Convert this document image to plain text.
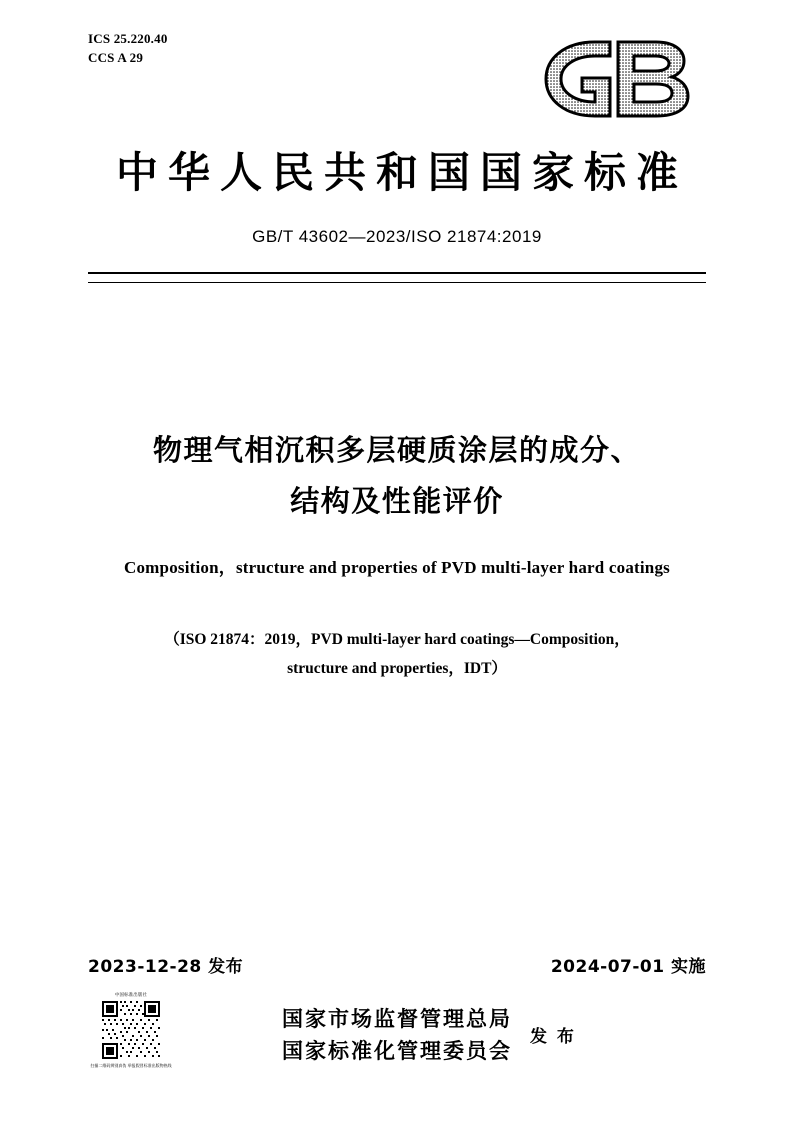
ICS 25.220.40
CCS A 29
中华人民共和国国家标准
GB/T 43602—2023/ISO 21874:2019
物理气相沉积多层硬质涂层的成分、
结构及性能评价
Composition，structure and properties of PVD multi-layer hard coatings
（ISO 21874：2019，PVD multi-layer hard coatings—Composition，
structure and properties，IDT）
2023-12-28 发布	2024-07-01 实施
中国标准出版社
扫描二维码辨别真伪 举报假冒标准出版物热线
国家市场监督管理总局
国家标准化管理委员会
发 布
